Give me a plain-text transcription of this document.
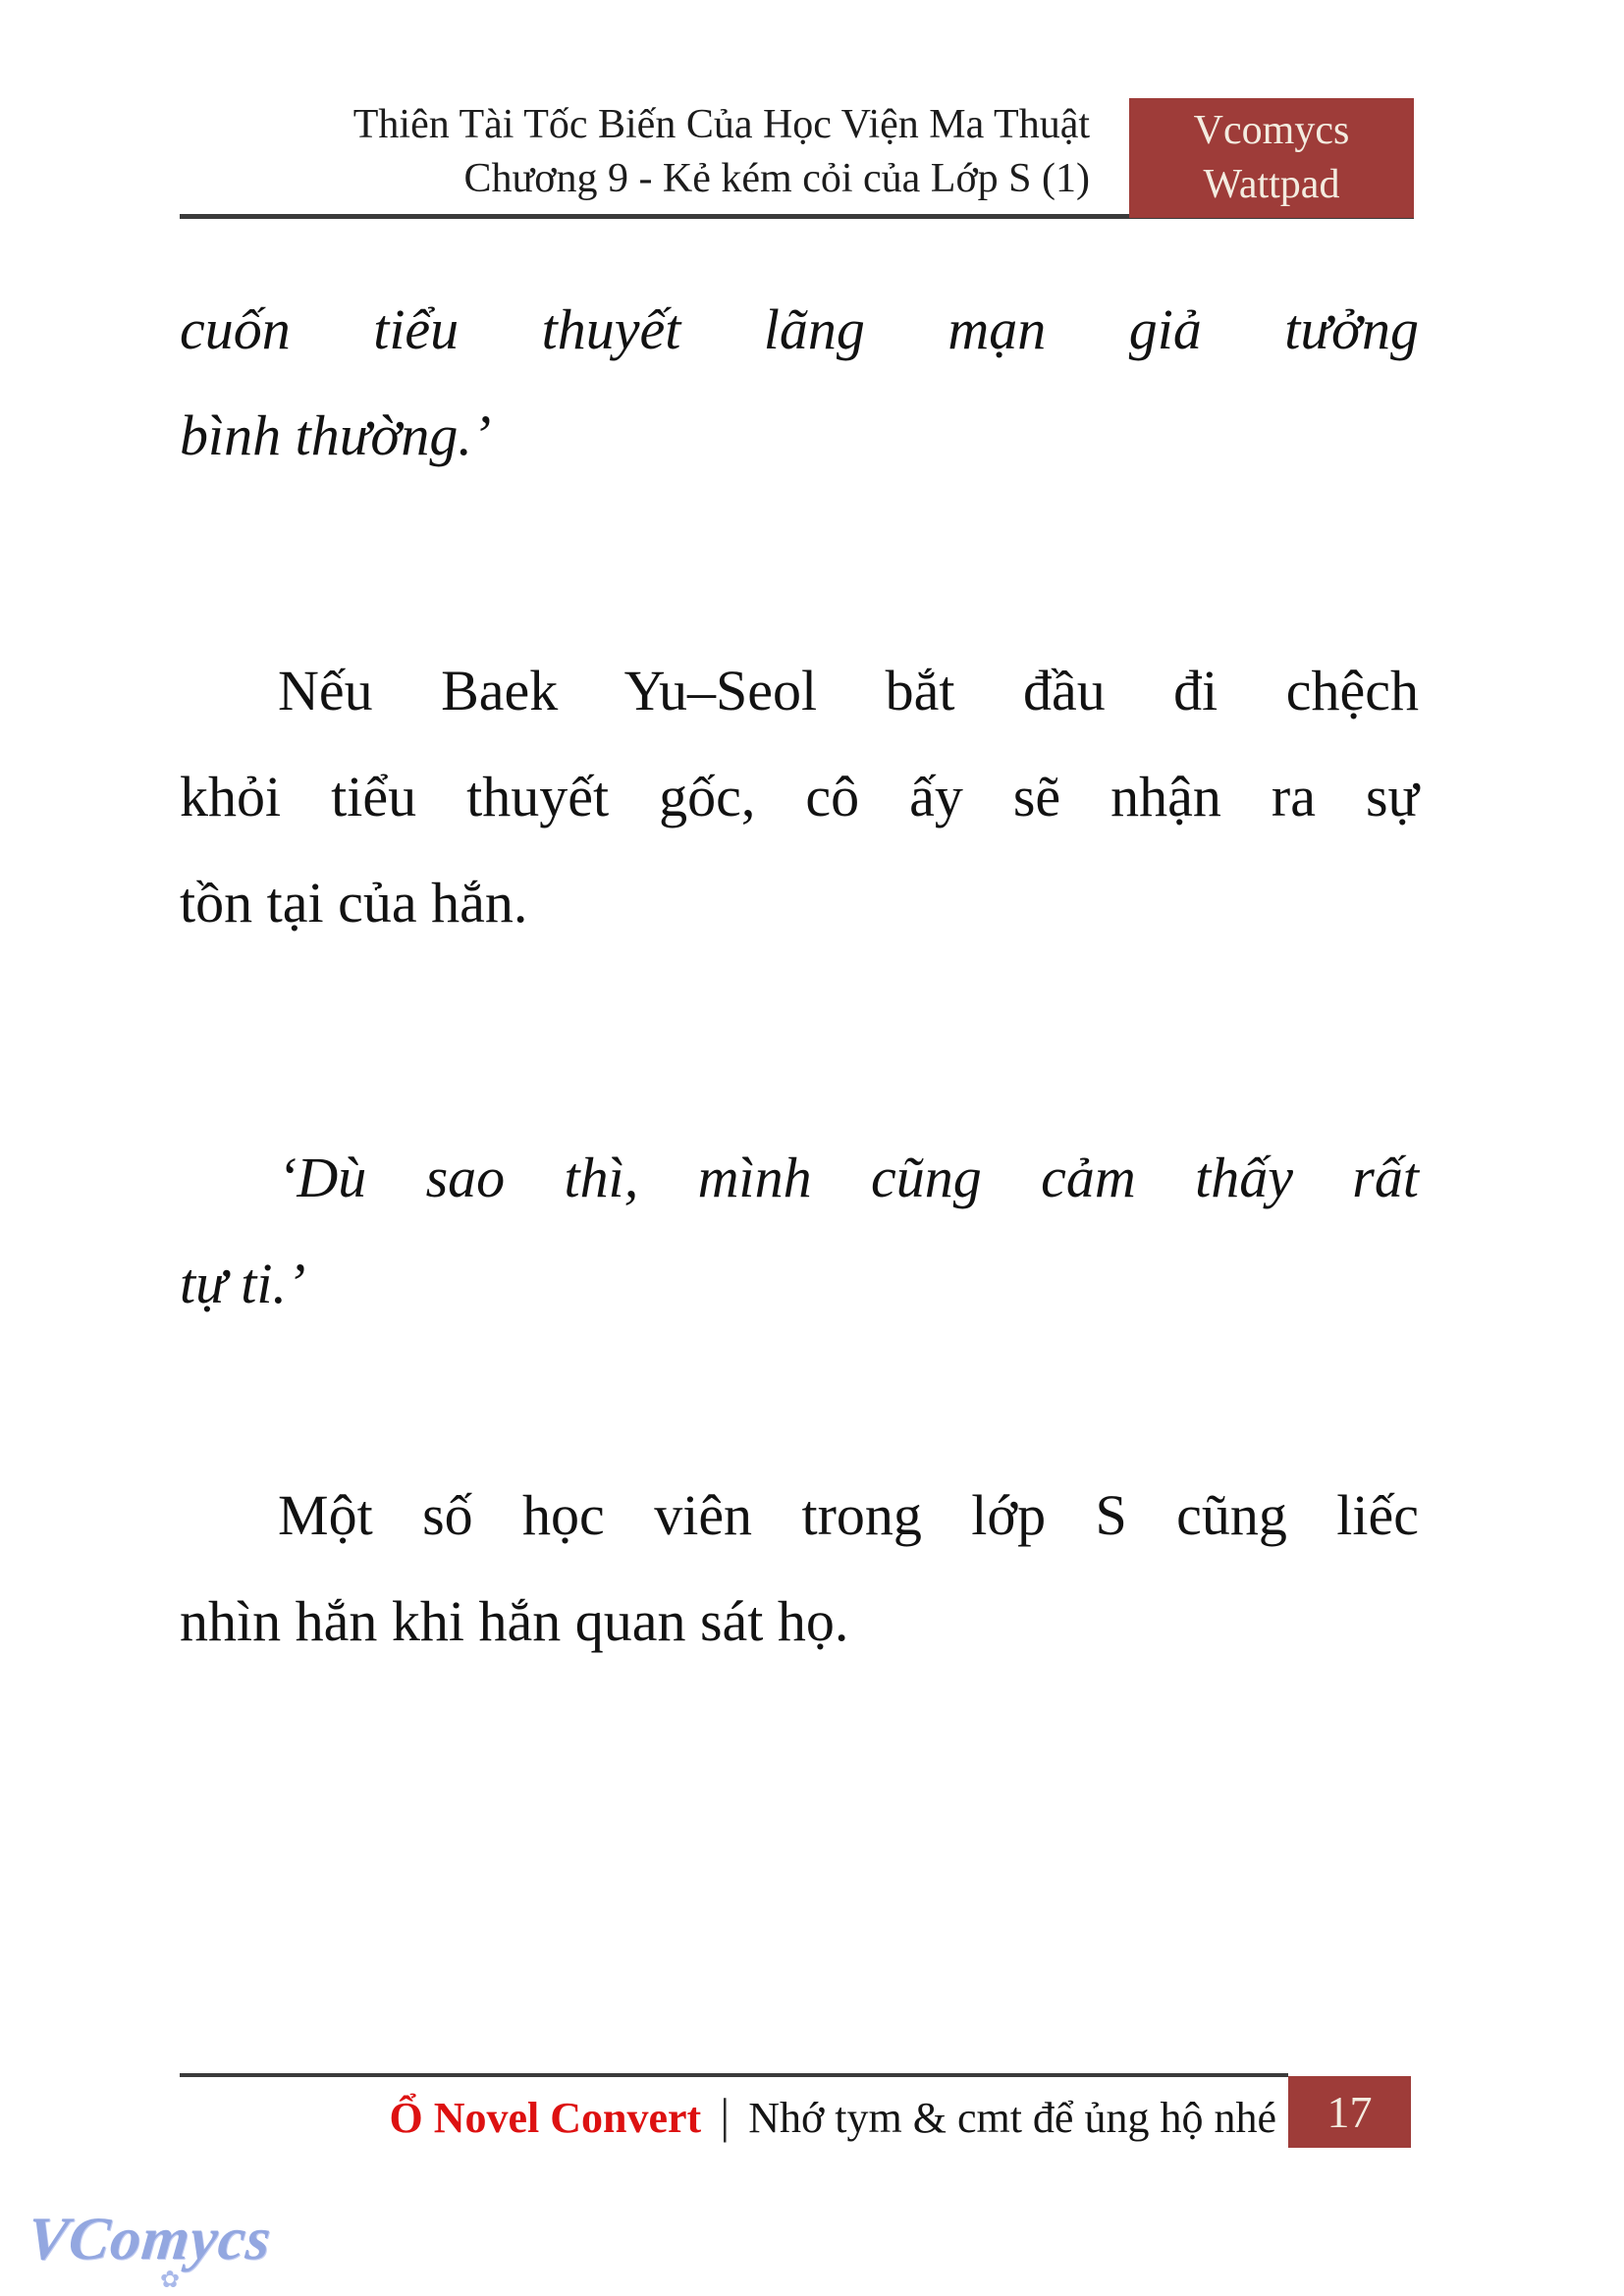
Thiên Tài Tốc Biến Của Học Viện Ma Thuật
Chương 9 - Kẻ kém cỏi của Lớp S (1)
Vcomycs
Wattpad
cuốn tiểu thuyết lãng mạn giả tưởng
bình thường.’
Nếu Baek Yu–Seol bắt đầu đi chệch
khỏi tiểu thuyết gốc, cô ấy sẽ nhận ra sự
tồn tại của hắn.
‘Dù sao thì, mình cũng cảm thấy rất
tự ti.’
Một số học viên trong lớp S cũng liếc
nhìn hắn khi hắn quan sát họ.
Ổ Novel Convert | Nhớ tym & cmt để ủng hộ nhé	17
VComycs
✿
